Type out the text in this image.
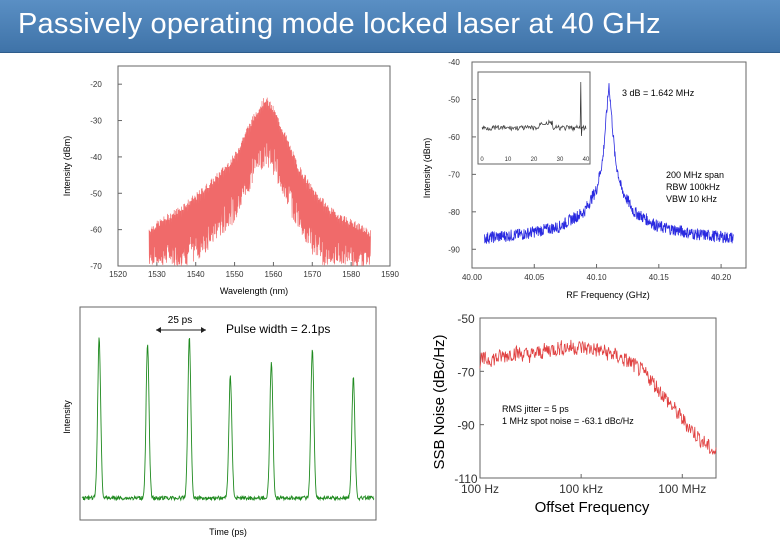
Passively operating mode locked laser at 40 GHz
-20
-30
-40
-50
-60
-70
1520	1530	1540	1550	1560	1570	1580	1590
Intensity (dBm)
Wavelength (nm)
-40
-50
-60
-70
-80
-90
40.00	40.05	40.10	40.15	40.20
0	10	20	30	40
3 dB = 1.642 MHz
200 MHz span
RBW 100kHz
VBW 10 kHz
Intensity (dBm)
RF Frequency (GHz)
25 ps
Pulse width = 2.1ps
Intensity
Time (ps)
-50
-70
-90
-110
100 Hz	100 kHz	100 MHz
RMS jitter = 5 ps
1 MHz spot noise = -63.1 dBc/Hz
SSB Noise (dBc/Hz)
Offset Frequency
